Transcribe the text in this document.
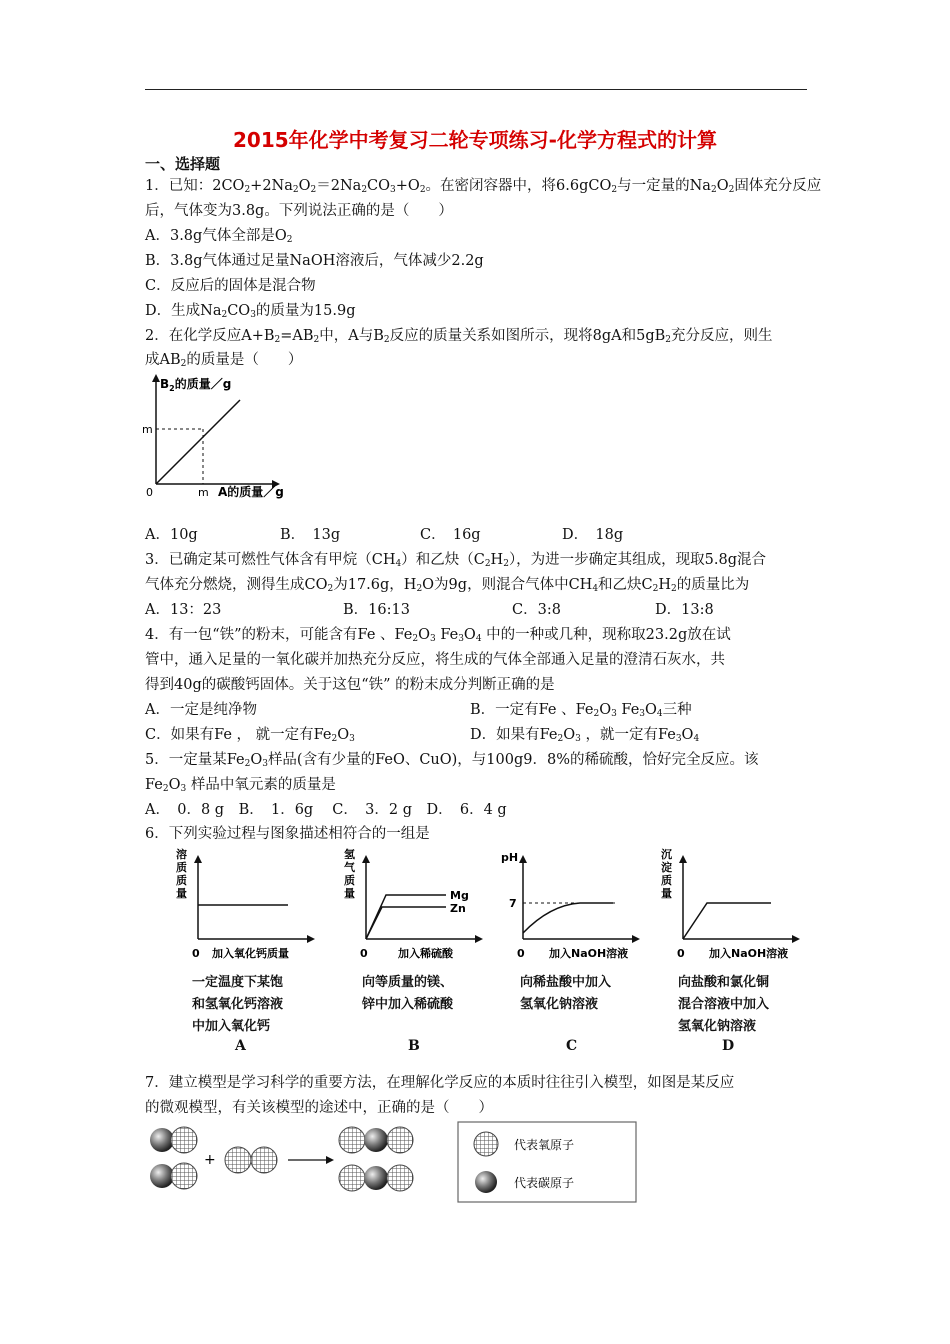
2015年化学中考复习二轮专项练习-化学方程式的计算
一、选择题
1．已知：$2CO_2+2Na_2O_2=2Na_2CO_3+O_2$。在密闭容器中，将6.6gCO$_2$与一定量的$Na_2O_2$固体充分反应
后，气体变为3.8g。下列说法正确的是（　　）
A．3.8g气体全部是$O_2$
B．3.8g气体通过足量NaOH溶液后，气体减少2.2g
C．反应后的固体是混合物
D．生成$Na_2CO_3$的质量为15.9g
2．在化学反应$A+B_2=AB_2$中，A与$B_2$反应的质量关系如图所示，现将8gA和$5gB_2$充分反应，则生
成$AB_2$的质量是（　　）
$B_2$的质量／g
m
m
0	A的质量／g
A．10g	B．　13g	C．　16g	D．　18g
3．已确定某可燃性气体含有甲烷$(CH_4)$和乙炔$(C_2H_2)$，为进一步确定其组成，现取5.8g混合
气体充分燃烧，测得生成$CO_2$为17.6g，$H_2O$为9g，则混合气体中$CH_4$和乙炔$C_2H_2$的质量比为
A．13：23	B．16:13	C．3:8	D．13:8
4．有一包“铁”的粉末，可能含有Fe 、$Fe_2O_3$ $Fe_3O_4$ 中的一种或几种，现称取23.2g放在试
管中，通入足量的一氧化碳并加热充分反应，将生成的气体全部通入足量的澄清石灰水，共
得到40g的碳酸钙固体。关于这包“铁” 的粉末成分判断正确的是
A．一定是纯净物	B．一定有Fe 、$Fe_2O_3$ $Fe_3O_4$三种
C．如果有Fe ， 就一定有$Fe_2O_3$	D．如果有$Fe_2O_3$ ，就一定有$Fe_3O_4$
5．一定量某$Fe_2O_3$样品(含有少量的FeO、CuO)，与100g9．8%的稀硫酸，恰好完全反应。该
$Fe_2O_3$ 样品中氧元素的质量是
A．　0．8 g　B．　1．6g　 C．　3．2 g　D．　6．4 g
6．下列实验过程与图象描述相符合的一组是
溶
质
质
量
0 加入氧化钙质量
Mg
Zn
氢
气
质
量
0	加入稀硫酸
pH
7
0 加入NaOH溶液
沉
淀
质
量
0 加入NaOH溶液
一定温度下某饱
和氢氧化钙溶液
中加入氧化钙
向等质量的镁、
锌中加入稀硫酸
向稀盐酸中加入
氢氧化钠溶液
向盐酸和氯化铜
混合溶液中加入
氢氧化钠溶液
A	B	C	D
7．建立模型是学习科学的重要方法，在理解化学反应的本质时往往引入模型，如图是某反应
的微观模型，有关该模型的途述中，正确的是（　　）
+
代表氧原子
代表碳原子
